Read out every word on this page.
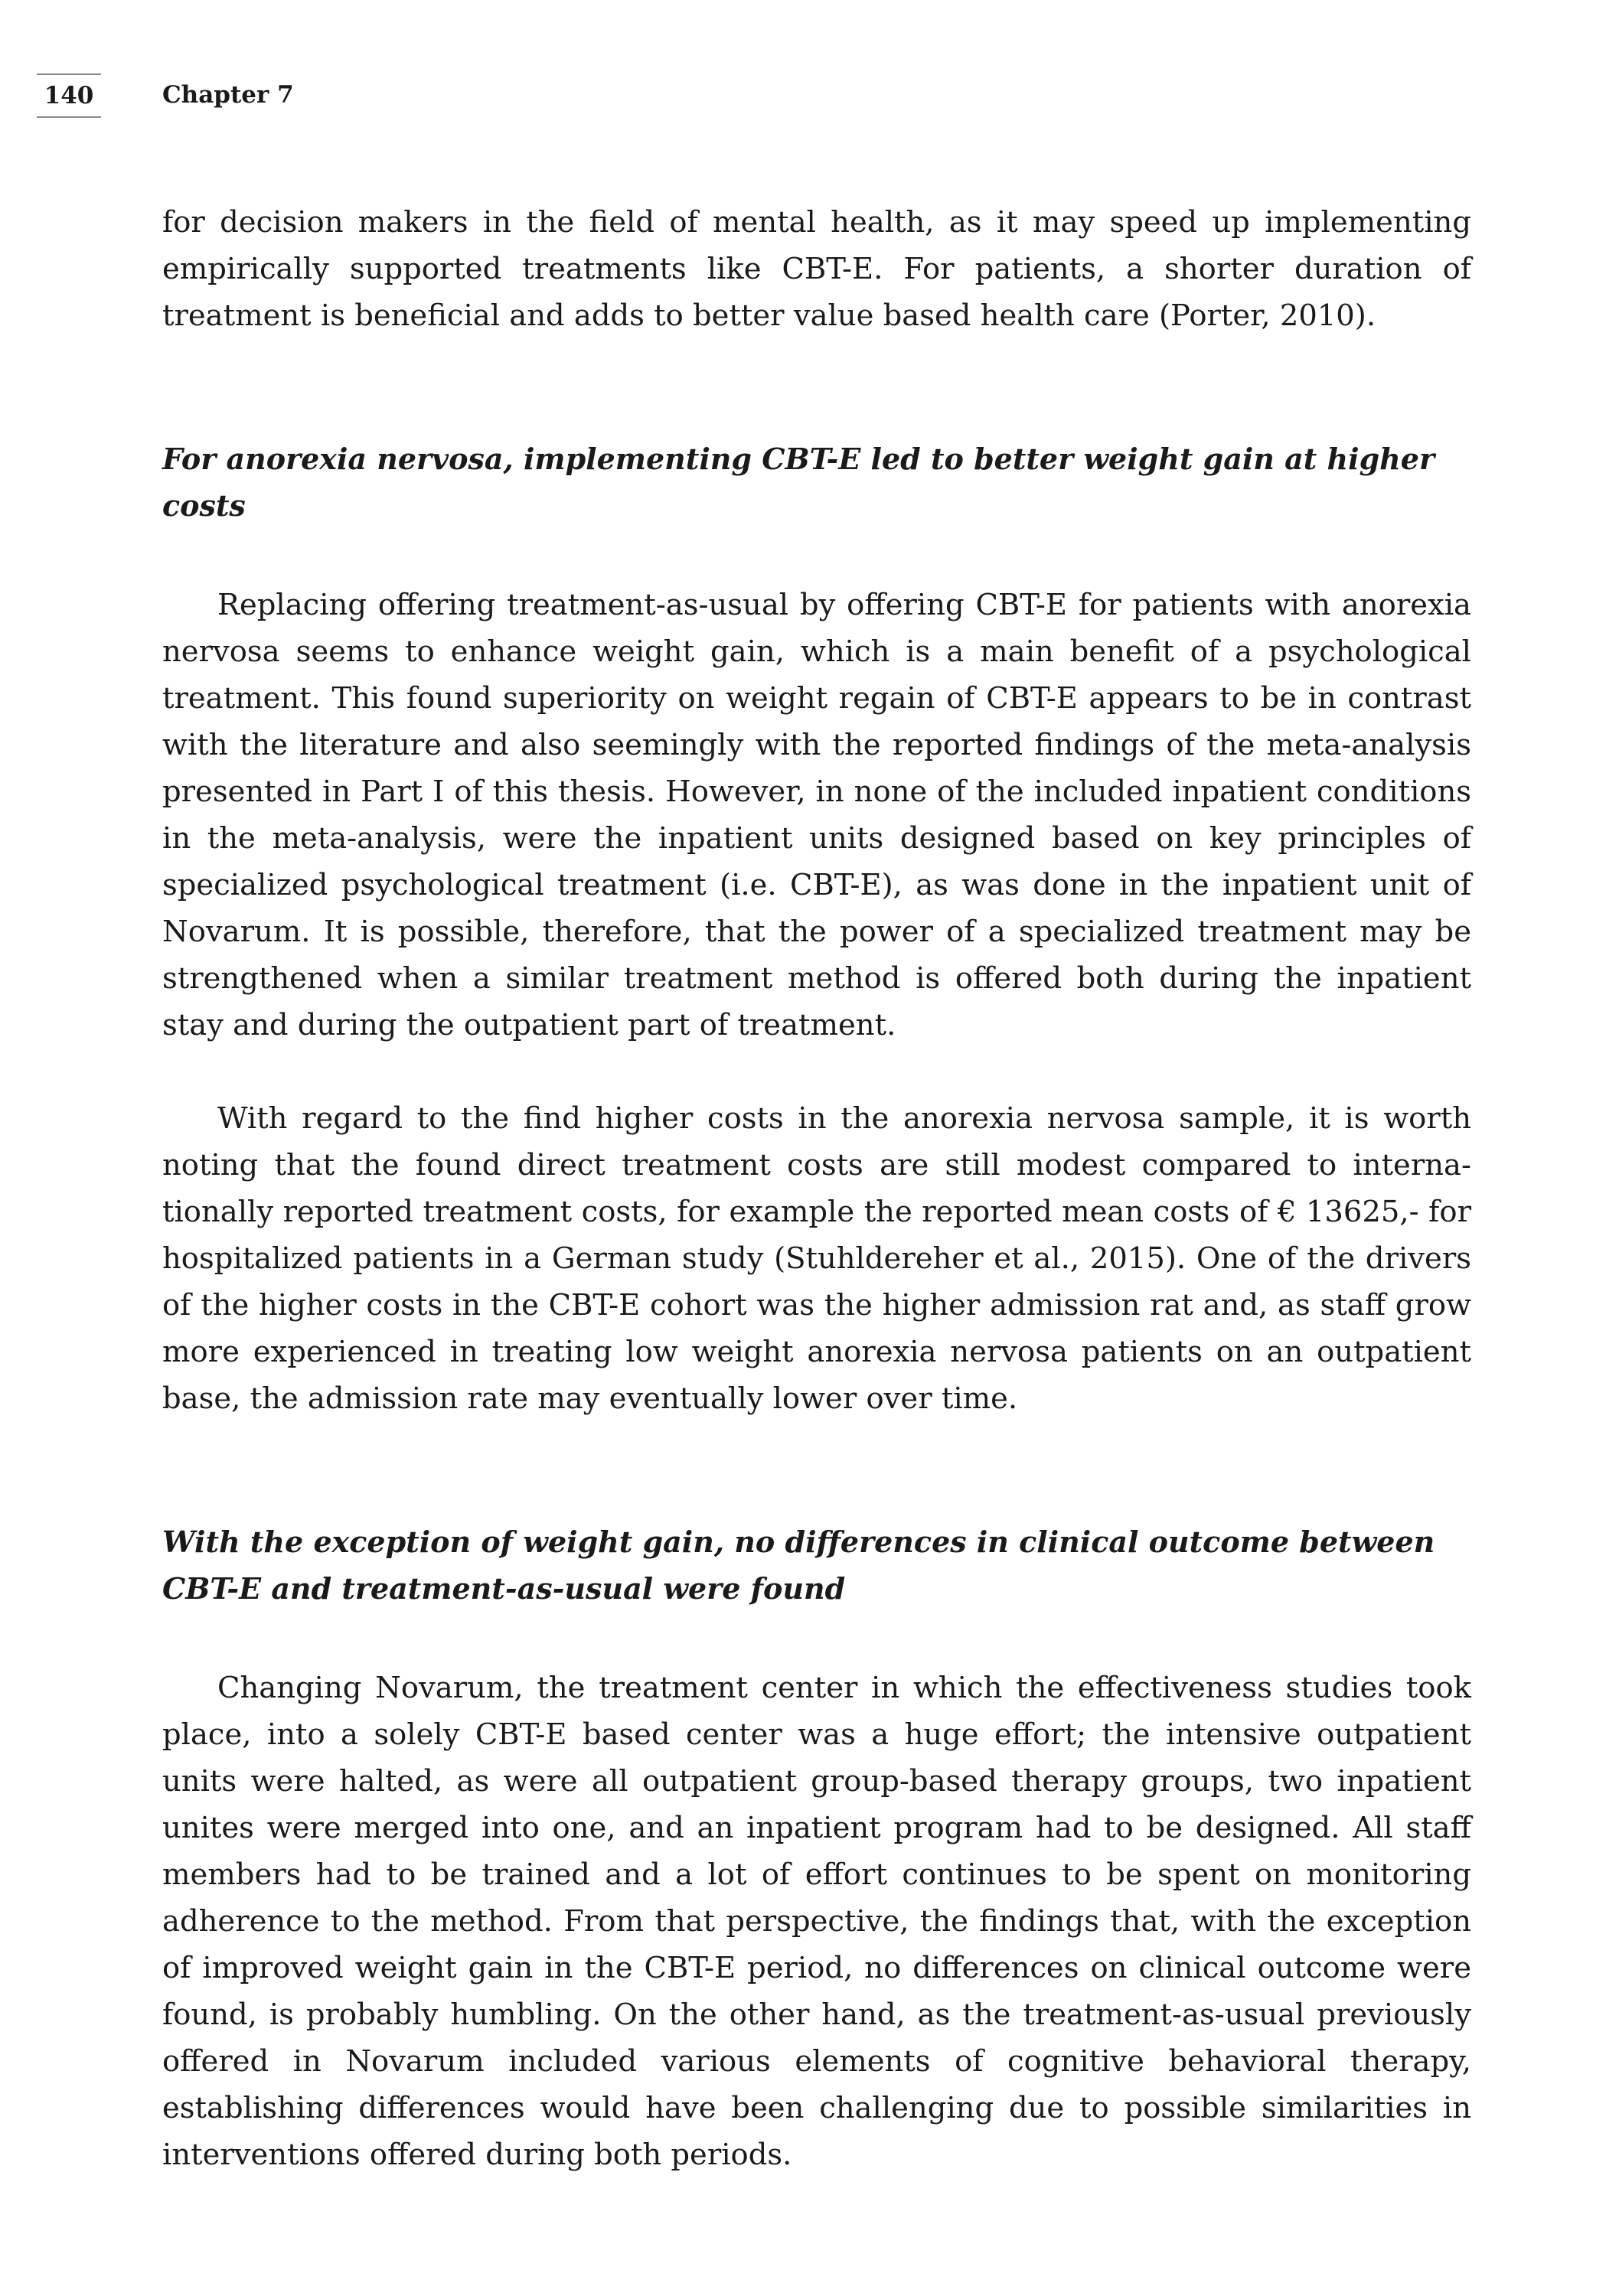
140	Chapter 7

for decision makers in the field of mental health, as it may speed up implementing empirically supported treatments like CBT-E. For patients, a shorter duration of treatment is beneficial and adds to better value based health care (Porter, 2010).

For anorexia nervosa, implementing CBT-E led to better weight gain at higher costs

Replacing offering treatment-as-usual by offering CBT-E for patients with anorexia nervosa seems to enhance weight gain, which is a main benefit of a psychological treatment. This found superiority on weight regain of CBT-E appears to be in contrast with the literature and also seemingly with the reported findings of the meta-analysis presented in Part I of this thesis. However, in none of the included inpatient conditions in the meta-analysis, were the inpatient units designed based on key principles of specialized psychological treatment (i.e. CBT-E), as was done in the inpatient unit of Novarum. It is possible, therefore, that the power of a specialized treatment may be strengthened when a similar treatment method is offered both during the inpatient stay and during the outpatient part of treatment.

With regard to the find higher costs in the anorexia nervosa sample, it is worth noting that the found direct treatment costs are still modest compared to internationally reported treatment costs, for example the reported mean costs of € 13625,- for hospitalized patients in a German study (Stuhldereher et al., 2015). One of the drivers of the higher costs in the CBT-E cohort was the higher admission rat and, as staff grow more experienced in treating low weight anorexia nervosa patients on an outpatient base, the admission rate may eventually lower over time.

With the exception of weight gain, no differences in clinical outcome between CBT-E and treatment-as-usual were found

Changing Novarum, the treatment center in which the effectiveness studies took place, into a solely CBT-E based center was a huge effort; the intensive outpatient units were halted, as were all outpatient group-based therapy groups, two inpatient unites were merged into one, and an inpatient program had to be designed. All staff members had to be trained and a lot of effort continues to be spent on monitoring adherence to the method. From that perspective, the findings that, with the exception of improved weight gain in the CBT-E period, no differences on clinical outcome were found, is probably humbling. On the other hand, as the treatment-as-usual previously offered in Novarum included various elements of cognitive behavioral therapy, establishing differences would have been challenging due to possible similarities in interventions offered during both periods.
